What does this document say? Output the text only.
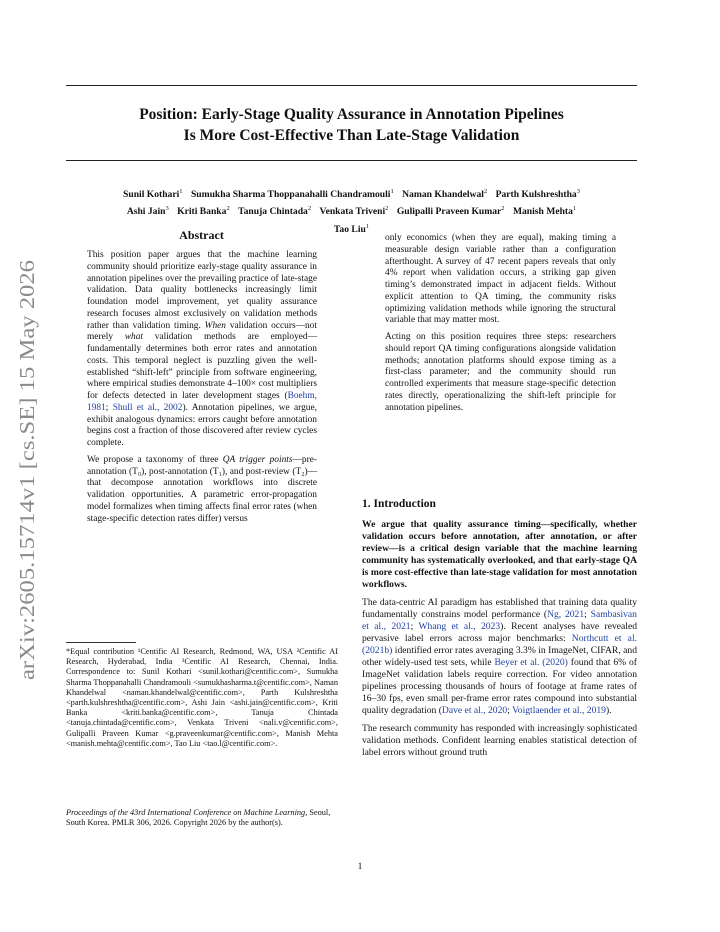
arXiv:2605.15714v1 [cs.SE] 15 May 2026
Position: Early-Stage Quality Assurance in Annotation Pipelines
Is More Cost-Effective Than Late-Stage Validation
Sunil Kothari$^1$ Sumukha Sharma Thoppanahalli Chandramouli$^1$ Naman Khandelwal$^2$ Parth Kulshreshtha$^3$
Ashi Jain$^3$ Kriti Banka$^2$ Tanuja Chintada$^2$ Venkata Triveni$^2$ Gulipalli Praveen Kumar$^2$ Manish Mehta$^1$
Tao Liu$^1$
Abstract

This position paper argues that the machine learning community should prioritize early-stage quality assurance in annotation pipelines over the prevailing practice of late-stage validation. Data quality bottlenecks increasingly limit foundation model improvement, yet quality assurance research focuses almost exclusively on validation methods rather than validation timing. When validation occurs—not merely what validation methods are employed—fundamentally determines both error rates and annotation costs. This temporal neglect is puzzling given the well-established “shift-left” principle from software engineering, where empirical studies demonstrate 4–100× cost multipliers for defects detected in later development stages (Boehm, 1981; Shull et al., 2002). Annotation pipelines, we argue, exhibit analogous dynamics: errors caught before annotation begins cost a fraction of those discovered after review cycles complete.

We propose a taxonomy of three QA trigger points—pre-annotation (T₀), post-annotation (T₁), and post-review (T₂)—that decompose annotation workflows into discrete validation opportunities. A parametric error-propagation model formalizes when timing affects final error rates (when stage-specific detection rates differ) versus

only economics (when they are equal), making timing a measurable design variable rather than a configuration afterthought. A survey of 47 recent papers reveals that only 4% report when validation occurs, a striking gap given timing’s demonstrated impact in adjacent fields. Without explicit attention to QA timing, the community risks optimizing validation methods while ignoring the structural variable that may matter most.

Acting on this position requires three steps: researchers should report QA timing configurations alongside validation methods; annotation platforms should expose timing as a first-class parameter; and the community should run controlled experiments that measure stage-specific detection rates directly, operationalizing the shift-left principle for annotation pipelines.

*Equal contribution ¹Centific AI Research, Redmond, WA, USA ²Centific AI Research, Hyderabad, India ³Centific AI Research, Chennai, India. Correspondence to: Sunil Kothari <sunil.kothari@centific.com>, Sumukha Sharma Thoppanahalli Chandramouli <sumukhasharma.t@centific.com>, Naman Khandelwal <naman.khandelwal@centific.com>, Parth Kulshreshtha <parth.kulshreshtha@centific.com>, Ashi Jain <ashi.jain@centific.com>, Kriti Banka <kriti.banka@centific.com>, Tanuja Chintada <tanuja.chintada@centific.com>, Venkata Triveni <nali.v@centific.com>, Gulipalli Praveen Kumar <g.praveenkumar@centific.com>, Manish Mehta <manish.mehta@centific.com>, Tao Liu <tao.l@centific.com>.
Proceedings of the 43rd International Conference on Machine Learning, Seoul, South Korea. PMLR 306, 2026. Copyright 2026 by the author(s).
1. Introduction

We argue that quality assurance timing—specifically, whether validation occurs before annotation, after annotation, or after review—is a critical design variable that the machine learning community has systematically overlooked, and that early-stage QA is more cost-effective than late-stage validation for most annotation workflows.

The data-centric AI paradigm has established that training data quality fundamentally constrains model performance (Ng, 2021; Sambasivan et al., 2021; Whang et al., 2023). Recent analyses have revealed pervasive label errors across major benchmarks: Northcutt et al. (2021b) identified error rates averaging 3.3% in ImageNet, CIFAR, and other widely-used test sets, while Beyer et al. (2020) found that 6% of ImageNet validation labels require correction. For video annotation pipelines processing thousands of hours of footage at frame rates of 16–30 fps, even small per-frame error rates compound into substantial quality degradation (Dave et al., 2020; Voigtlaender et al., 2019).

The research community has responded with increasingly sophisticated validation methods. Confident learning enables statistical detection of label errors without ground truth

1
